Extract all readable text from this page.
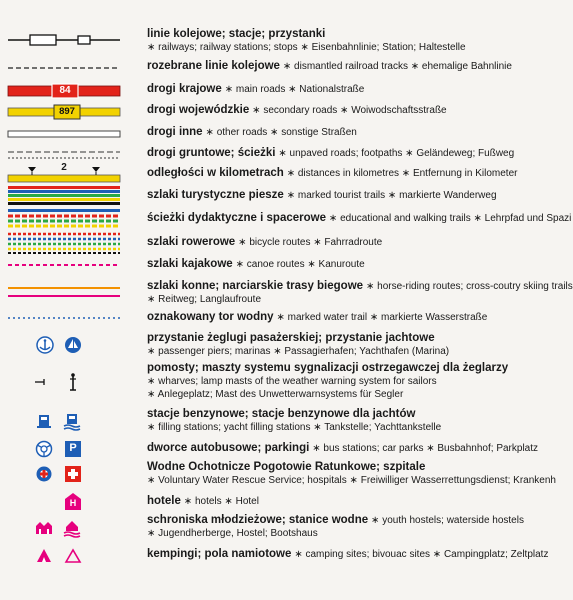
linie kolejowe; stacje; przystanki
∗ railways; railway stations; stops ∗ Eisenbahnlinie; Station; Haltestelle
rozebrane linie kolejowe ∗ dismantled railroad tracks ∗ ehemalige Bahnlinie
84	drogi krajowe ∗ main roads ∗ Nationalstraße
897	drogi wojewódzkie ∗ secondary roads ∗ Woiwodschaftsstraße
drogi inne ∗ other roads ∗ sonstige Straßen
drogi gruntowe; ścieżki ∗ unpaved roads; footpaths ∗ Geländeweg; Fußweg
2	odległości w kilometrach ∗ distances in kilometres ∗ Entfernung in Kilometer
szlaki turystyczne piesze ∗ marked tourist trails ∗ markierte Wanderweg
ścieżki dydaktyczne i spacerowe ∗ educational and walking trails ∗ Lehrpfad und Spazi
szlaki rowerowe ∗ bicycle routes ∗ Fahrradroute
szlaki kajakowe ∗ canoe routes ∗ Kanuroute
szlaki konne; narciarskie trasy biegowe ∗ horse-riding routes; cross-coutry skiing trails
∗ Reitweg; Langlaufroute
oznakowany tor wodny ∗ marked water trail ∗ markierte Wasserstraße
przystanie żeglugi pasażerskiej; przystanie jachtowe
∗ passenger piers; marinas ∗ Passagierhafen; Yachthafen (Marina)
pomosty; maszty systemu sygnalizacji ostrzegawczej dla żeglarzy
∗ wharves; lamp masts of the weather warning system for sailors
∗ Anlegeplatz; Mast des Unwetterwarnsystems für Segler
stacje benzynowe; stacje benzynowe dla jachtów
∗ filling stations; yacht filling stations ∗ Tankstelle; Yachttankstelle
P	dworce autobusowe; parkingi ∗ bus stations; car parks ∗ Busbahnhof; Parkplatz
Wodne Ochotnicze Pogotowie Ratunkowe; szpitale
∗ Voluntary Water Rescue Service; hospitals ∗ Freiwilliger Wasserrettungsdienst; Krankenh
H	hotele ∗ hotels ∗ Hotel
schroniska młodzieżowe; stanice wodne ∗ youth hostels; waterside hostels
∗ Jugendherberge, Hostel; Bootshaus
kempingi; pola namiotowe ∗ camping sites; bivouac sites ∗ Campingplatz; Zeltplatz
